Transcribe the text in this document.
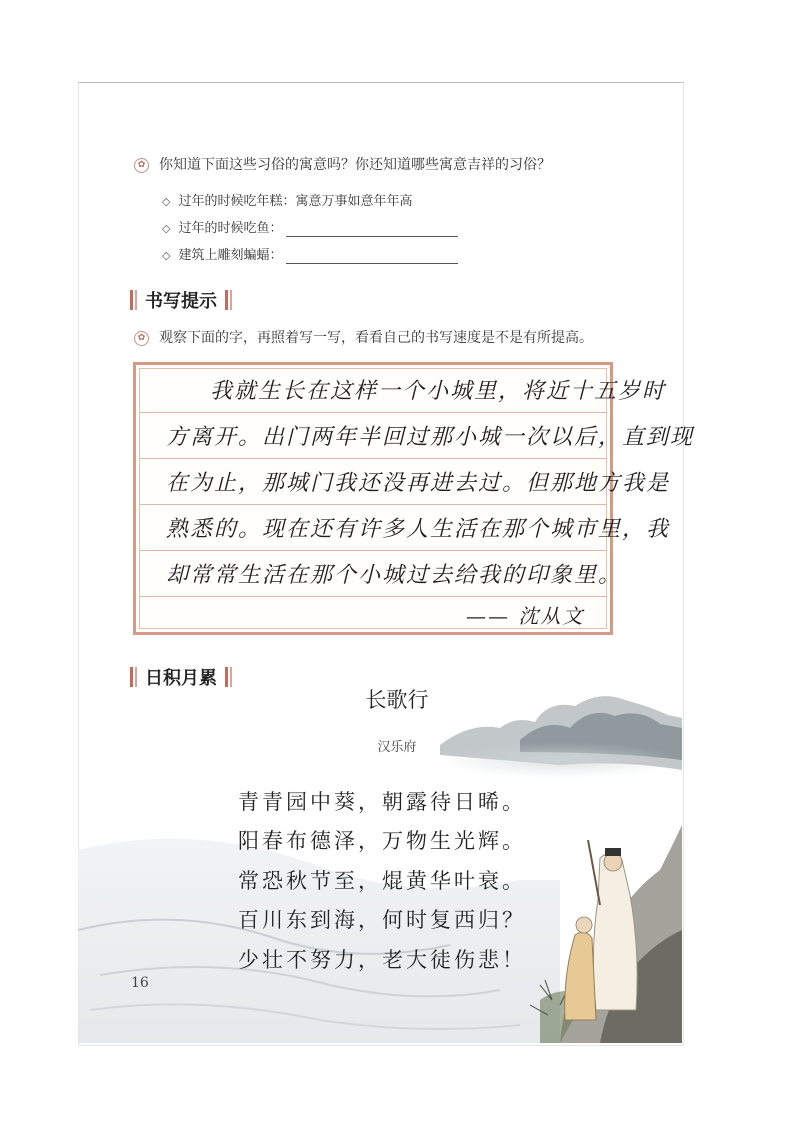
✿ 你知道下面这些习俗的寓意吗？你还知道哪些寓意吉祥的习俗？
◇ 过年的时候吃年糕： 寓意万事如意年年高
◇ 过年的时候吃鱼：
◇ 建筑上雕刻蝙蝠：
书写提示
✿ 观察下面的字，再照着写一写，看看自己的书写速度是不是有所提高。
我就生长在这样一个小城里，将近十五岁时
方离开。出门两年半回过那小城一次以后，直到现
在为止，那城门我还没再进去过。但那地方我是
熟悉的。现在还有许多人生活在那个城市里，我
却常常生活在那个小城过去给我的印象里。
—— 沈从文
日积月累
长歌行
汉乐府
青青园中葵，朝露待日晞。
阳春布德泽，万物生光辉。
常恐秋节至，焜黄华叶衰。
百川东到海，何时复西归？
少壮不努力，老大徒伤悲！
16
